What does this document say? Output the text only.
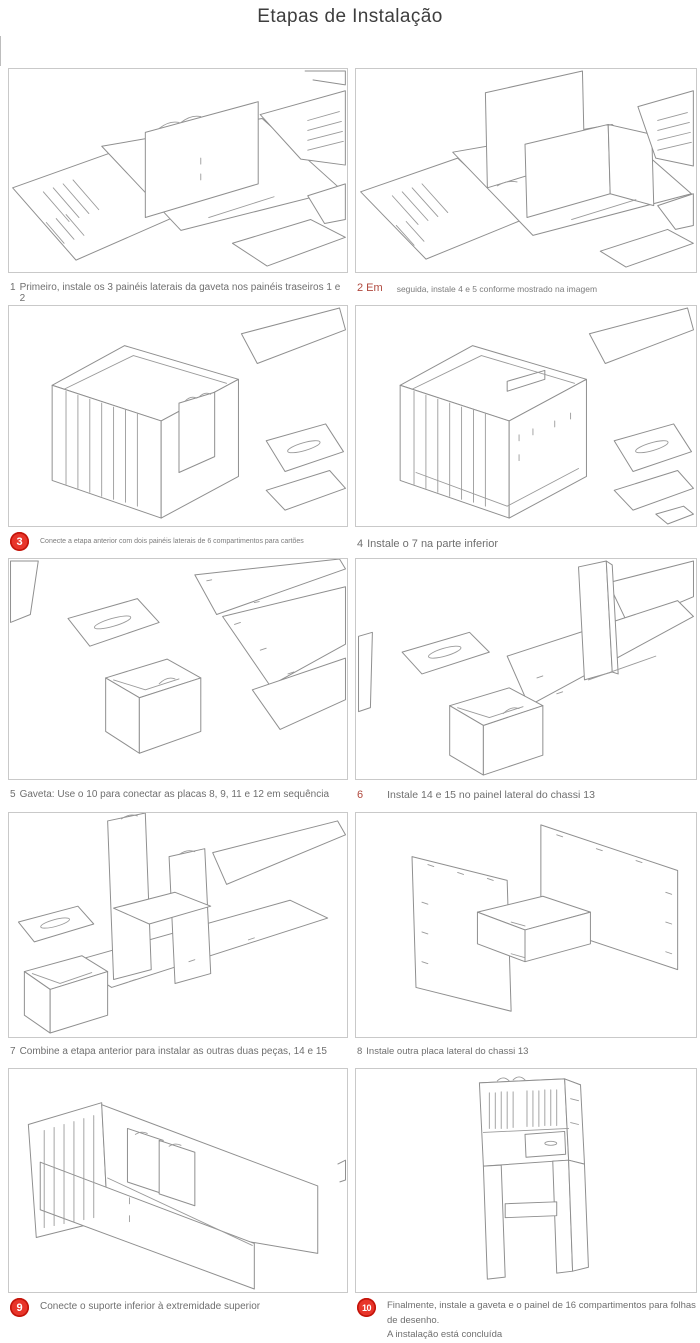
Etapas de Instalação
1 Primeiro, instale os 3 painéis laterais da gaveta nos painéis traseiros 1 e 2
2 Em seguida, instale 4 e 5 conforme mostrado na imagem
3	Conecte a etapa anterior com dois painéis laterais de 6 compartimentos para cartões	4 Instale o 7 na parte inferior
5 Gaveta: Use o 10 para conectar as placas 8, 9, 11 e 12 em sequência	6 Instale 14 e 15 no painel lateral do chassi 13
7 Combine a etapa anterior para instalar as outras duas peças, 14 e 15	8 Instale outra placa lateral do chassi 13
9	Conecte o suporte inferior à extremidade superior	10	Finalmente, instale a gaveta e o painel de 16 compartimentos para folhas de desenho.
A instalação está concluída
